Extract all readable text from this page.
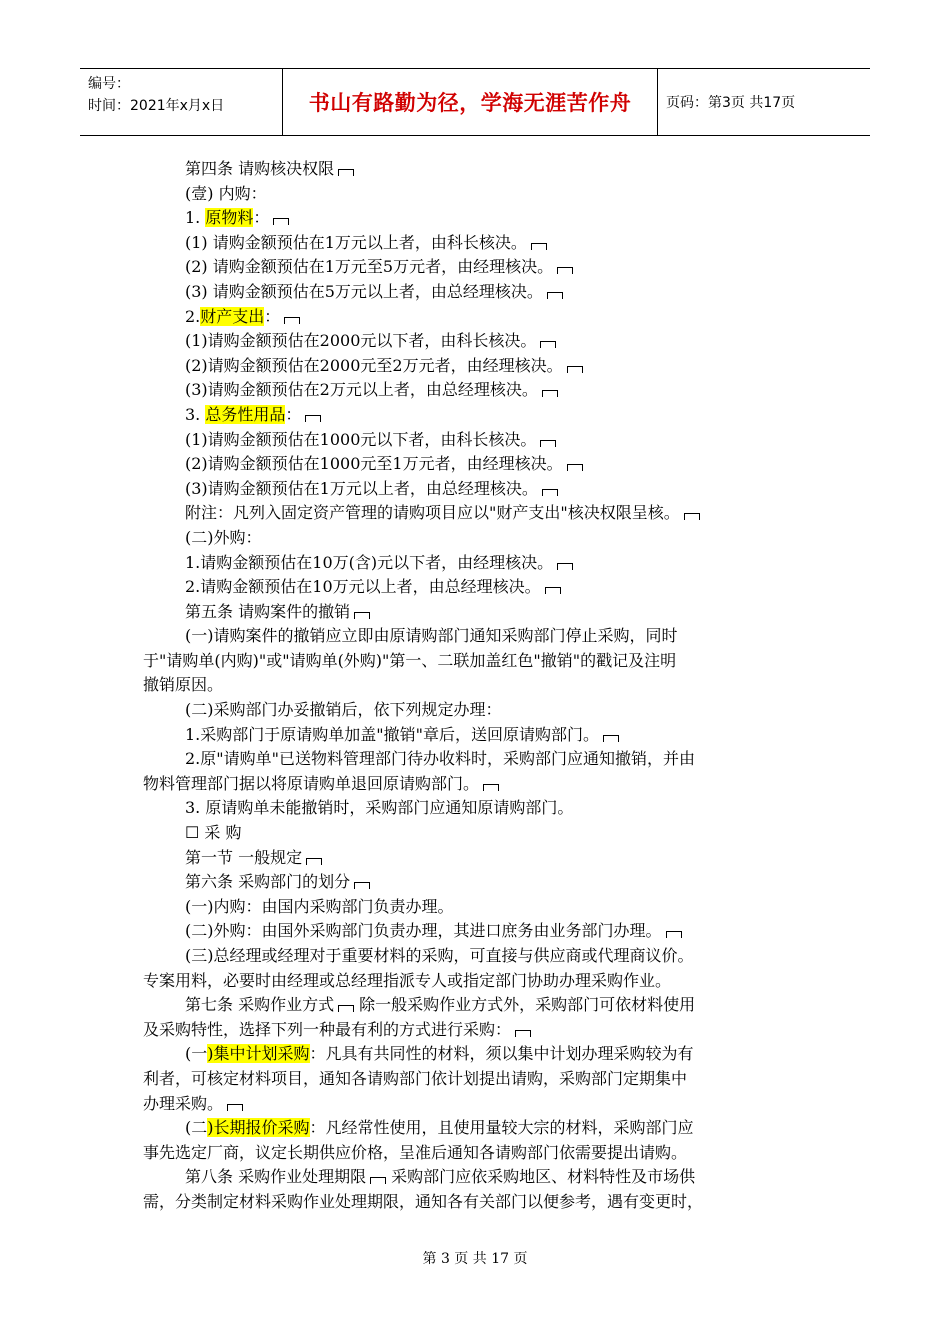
编号：
时间：2021年x月x日	书山有路勤为径，学海无涯苦作舟 页码：第3页 共17页
第四条 请购核决权限
(壹) 内购：
1. 原物料：
(1) 请购金额预估在1万元以上者，由科长核决。
(2) 请购金额预估在1万元至5万元者，由经理核决。
(3) 请购金额预估在5万元以上者，由总经理核决。
2.财产支出：
(1)请购金额预估在2000元以下者，由科长核决。
(2)请购金额预估在2000元至2万元者，由经理核决。
(3)请购金额预估在2万元以上者，由总经理核决。
3. 总务性用品：
(1)请购金额预估在1000元以下者，由科长核决。
(2)请购金额预估在1000元至1万元者，由经理核决。
(3)请购金额预估在1万元以上者，由总经理核决。
附注：凡列入固定资产管理的请购项目应以"财产支出"核决权限呈核。
(二)外购：
1.请购金额预估在10万(含)元以下者，由经理核决。
2.请购金额预估在10万元以上者，由总经理核决。
第五条 请购案件的撤销
(一)请购案件的撤销应立即由原请购部门通知采购部门停止采购，同时
于"请购单(内购)"或"请购单(外购)"第一、二联加盖红色"撤销"的戳记及注明
撤销原因。
(二)采购部门办妥撤销后，依下列规定办理：
1.采购部门于原请购单加盖"撤销"章后，送回原请购部门。
2.原"请购单"已送物料管理部门待办收料时，采购部门应通知撤销，并由
物料管理部门据以将原请购单退回原请购部门。
3. 原请购单未能撤销时，采购部门应通知原请购部门。
☐ 采 购
第一节 一般规定
第六条 采购部门的划分
(一)内购：由国内采购部门负责办理。
(二)外购：由国外采购部门负责办理，其进口庶务由业务部门办理。
(三)总经理或经理对于重要材料的采购，可直接与供应商或代理商议价。
专案用料，必要时由经理或总经理指派专人或指定部门协助办理采购作业。
第七条 采购作业方式 除一般采购作业方式外，采购部门可依材料使用
及采购特性，选择下列一种最有利的方式进行采购：
(一)集中计划采购：凡具有共同性的材料，须以集中计划办理采购较为有
利者，可核定材料项目，通知各请购部门依计划提出请购，采购部门定期集中
办理采购。
(二)长期报价采购：凡经常性使用，且使用量较大宗的材料，采购部门应
事先选定厂商，议定长期供应价格，呈准后通知各请购部门依需要提出请购。
第八条 采购作业处理期限 采购部门应依采购地区、材料特性及市场供
需，分类制定材料采购作业处理期限，通知各有关部门以便参考，遇有变更时，
第 3 页 共 17 页
